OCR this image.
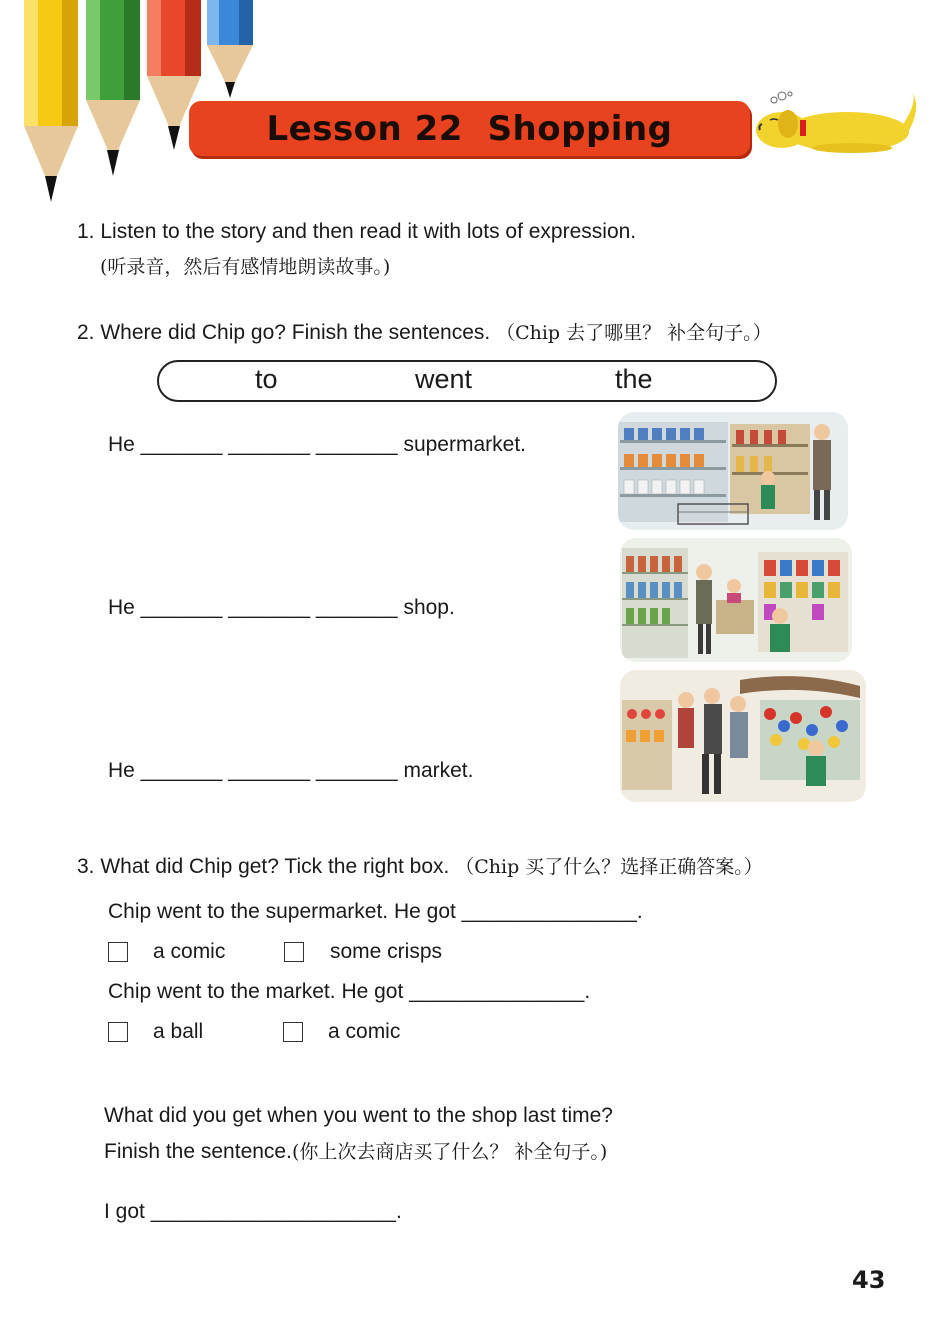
Lesson 22  Shopping
1. Listen to the story and then read it with lots of expression.
(听录音，然后有感情地朗读故事。)
2. Where did Chip go? Finish the sentences. （Chip 去了哪里？ 补全句子。）
to	went	the
He _______ _______ _______ supermarket.
He _______ _______ _______ shop.
He _______ _______ _______ market.
3. What did Chip get? Tick the right box. （Chip 买了什么？选择正确答案。）
Chip went to the supermarket. He got _______________.
a comic	some crisps
Chip went to the market. He got _______________.
a ball	a comic
What did you get when you went to the shop last time?
Finish the sentence.(你上次去商店买了什么？ 补全句子。)
I got _____________________.
43
